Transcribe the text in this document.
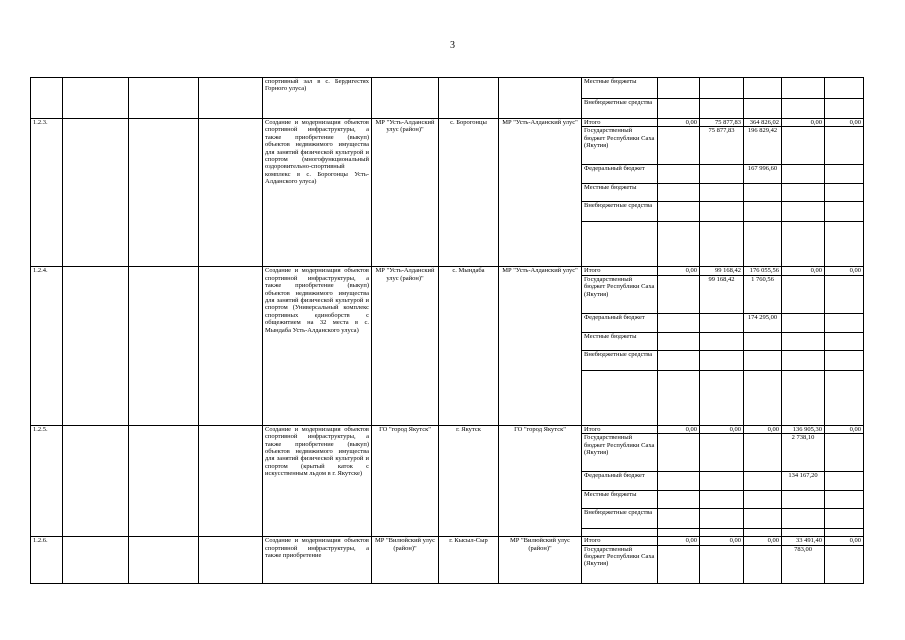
3
				спортивный зал в с. Бердигестях Горного улуса)				Местные бюджеты					
								Внебюджетные средства					
1.2.3.				Создание и модернизация объектов спортивной инфраструктуры, а также приобретение (выкуп) объектов недвижимого имущества для занятий физической культурой и спортом (многофункциональный оздоровительно-спортивный комплекс в с. Борогонцы Усть-Алданского улуса)	МР "Усть-Алданский улус (район)"	с. Борогонцы	МР "Усть-Алданский улус"	Итого	0,00	75 877,83	364 826,02	0,00	0,00
								Государственный бюджет Республики Саха (Якутия)		75 877,83	196 829,42		
								Федеральный бюджет			167 996,60		
								Местные бюджеты					
								Внебюджетные средства					

1.2.4.				Создание и модернизация объектов спортивной инфраструктуры, а также приобретение (выкуп) объектов недвижимого имущества для занятий физической культурой и спортом (Универсальный комплекс спортивных единоборств с общежитием на 32 места в с. Мындаба Усть-Алданского улуса)	МР "Усть-Алданский улус (район)"	с. Мындаба	МР "Усть-Алданский улус"	Итого	0,00	99 168,42	176 055,56	0,00	0,00
								Государственный бюджет Республики Саха (Якутия)		99 168,42	1 760,56		
								Федеральный бюджет			174 295,00		
								Местные бюджеты					
								Внебюджетные средства					

1.2.5.				Создание и модернизация объектов спортивной инфраструктуры, а также приобретение (выкуп) объектов недвижимого имущества для занятий физической культурой и спортом (крытый каток с искусственным льдом в г. Якутске)	ГО "город Якутск"	г. Якутск	ГО "город Якутск"	Итого	0,00	0,00	0,00	136 905,30	0,00
								Государственный бюджет Республики Саха (Якутия)				2 738,10	
								Федеральный бюджет				134 167,20	
								Местные бюджеты					
								Внебюджетные средства					

1.2.6.				Создание и модернизация объектов спортивной инфраструктуры, а также приобретение	МР "Вилюйский улус (район)"	г. Кысыл-Сыр	МР "Вилюйский улус (район)"	Итого	0,00	0,00	0,00	33 491,40	0,00
								Государственный бюджет Республики Саха (Якутия)				783,00	
